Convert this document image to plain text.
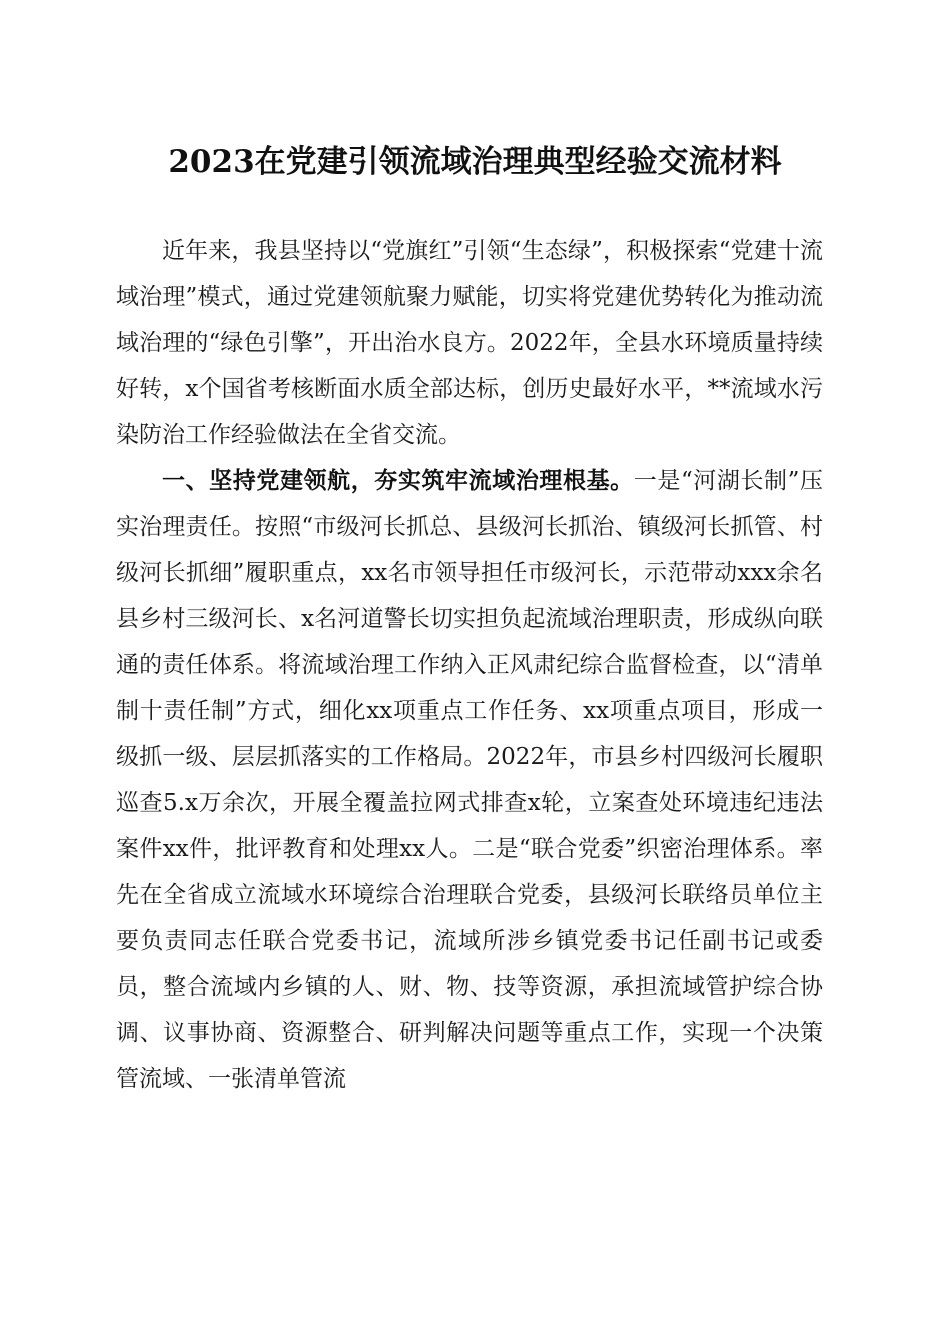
2023在党建引领流域治理典型经验交流材料

近年来，我县坚持以“党旗红”引领“生态绿”，积极探索“党建十流域治理”模式，通过党建领航聚力赋能，切实将党建优势转化为推动流域治理的“绿色引擎”，开出治水良方。2022年，全县水环境质量持续好转，x个国省考核断面水质全部达标，创历史最好水平，**流域水污染防治工作经验做法在全省交流。

一、坚持党建领航，夯实筑牢流域治理根基。一是“河湖长制”压实治理责任。按照“市级河长抓总、县级河长抓治、镇级河长抓管、村级河长抓细”履职重点，xx名市领导担任市级河长，示范带动xxx余名县乡村三级河长、x名河道警长切实担负起流域治理职责，形成纵向联通的责任体系。将流域治理工作纳入正风肃纪综合监督检查，以“清单制十责任制”方式，细化xx项重点工作任务、xx项重点项目，形成一级抓一级、层层抓落实的工作格局。2022年，市县乡村四级河长履职巡查5.x万余次，开展全覆盖拉网式排查x轮，立案查处环境违纪违法案件xx件，批评教育和处理xx人。二是“联合党委”织密治理体系。率先在全省成立流域水环境综合治理联合党委，县级河长联络员单位主要负责同志任联合党委书记，流域所涉乡镇党委书记任副书记或委员，整合流域内乡镇的人、财、物、技等资源，承担流域管护综合协调、议事协商、资源整合、研判解决问题等重点工作，实现一个决策管流域、一张清单管流
